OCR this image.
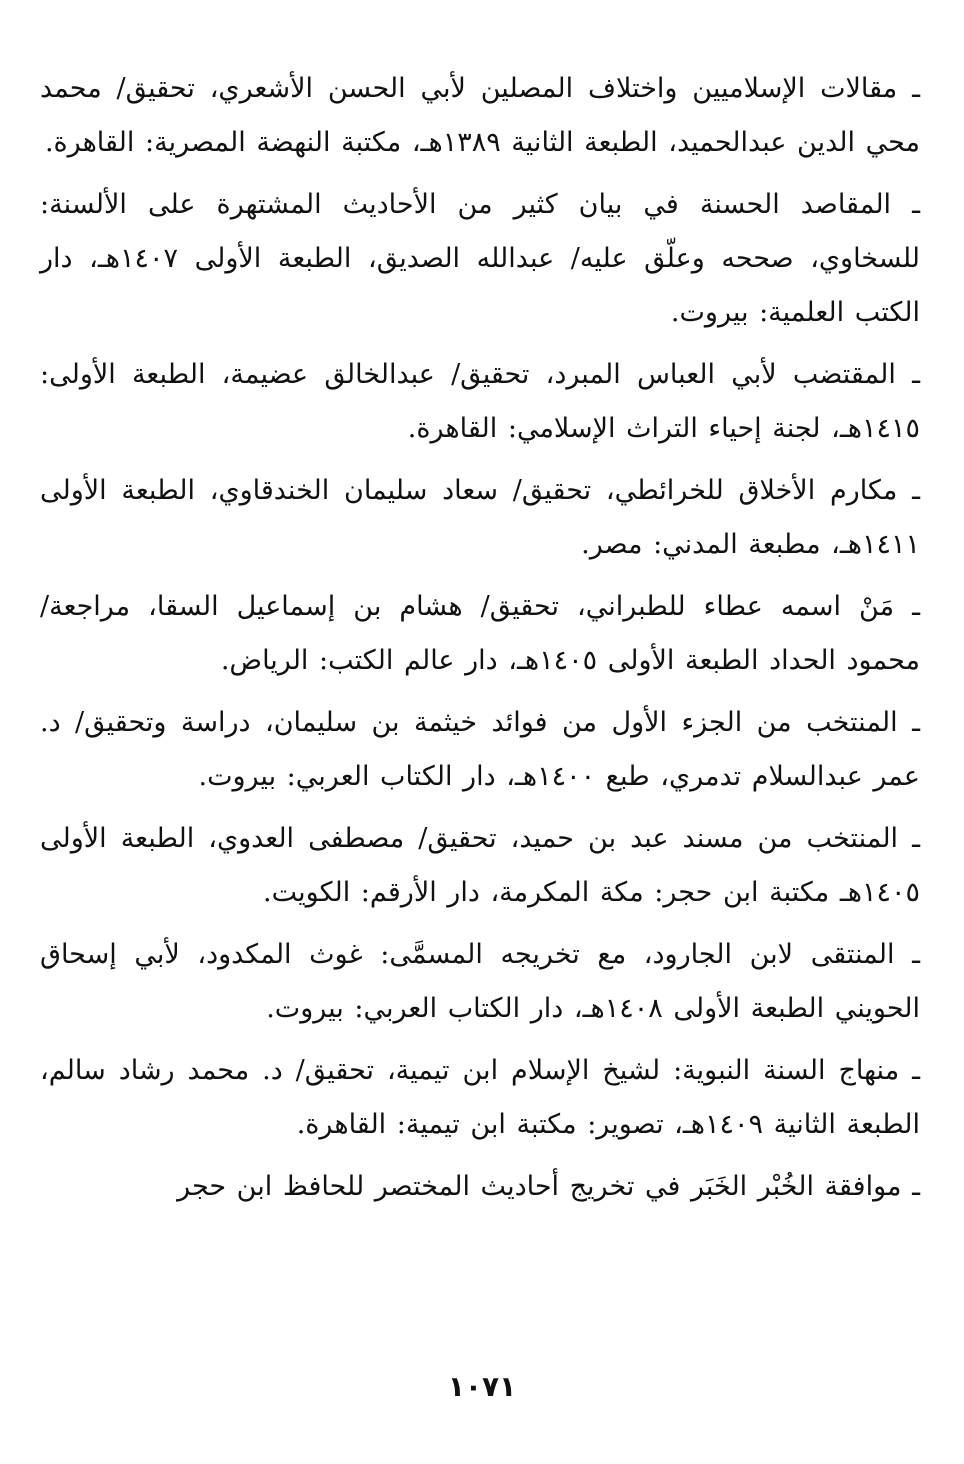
ـ مقالات الإسلاميين واختلاف المصلين لأبي الحسن الأشعري، تحقيق/ محمد محي الدين عبدالحميد، الطبعة الثانية ١٣٨٩هـ، مكتبة النهضة المصرية: القاهرة.

ـ المقاصد الحسنة في بيان كثير من الأحاديث المشتهرة على الألسنة: للسخاوي، صححه وعلّق عليه/ عبدالله الصديق، الطبعة الأولى ١٤٠٧هـ، دار الكتب العلمية: بيروت.

ـ المقتضب لأبي العباس المبرد، تحقيق/ عبدالخالق عضيمة، الطبعة الأولى: ١٤١٥هـ، لجنة إحياء التراث الإسلامي: القاهرة.

ـ مكارم الأخلاق للخرائطي، تحقيق/ سعاد سليمان الخندقاوي، الطبعة الأولى ١٤١١هـ، مطبعة المدني: مصر.

ـ مَنْ اسمه عطاء للطبراني، تحقيق/ هشام بن إسماعيل السقا، مراجعة/ محمود الحداد الطبعة الأولى ١٤٠٥هـ، دار عالم الكتب: الرياض.

ـ المنتخب من الجزء الأول من فوائد خيثمة بن سليمان، دراسة وتحقيق/ د. عمر عبدالسلام تدمري، طبع ١٤٠٠هـ، دار الكتاب العربي: بيروت.

ـ المنتخب من مسند عبد بن حميد، تحقيق/ مصطفى العدوي، الطبعة الأولى ١٤٠٥هـ مكتبة ابن حجر: مكة المكرمة، دار الأرقم: الكويت.

ـ المنتقى لابن الجارود، مع تخريجه المسمَّى: غوث المكدود، لأبي إسحاق الحويني الطبعة الأولى ١٤٠٨هـ، دار الكتاب العربي: بيروت.

ـ منهاج السنة النبوية: لشيخ الإسلام ابن تيمية، تحقيق/ د. محمد رشاد سالم، الطبعة الثانية ١٤٠٩هـ، تصوير: مكتبة ابن تيمية: القاهرة.

ـ موافقة الخُبْر الخَبَر في تخريج أحاديث المختصر للحافظ ابن حجر

١٠٧١
